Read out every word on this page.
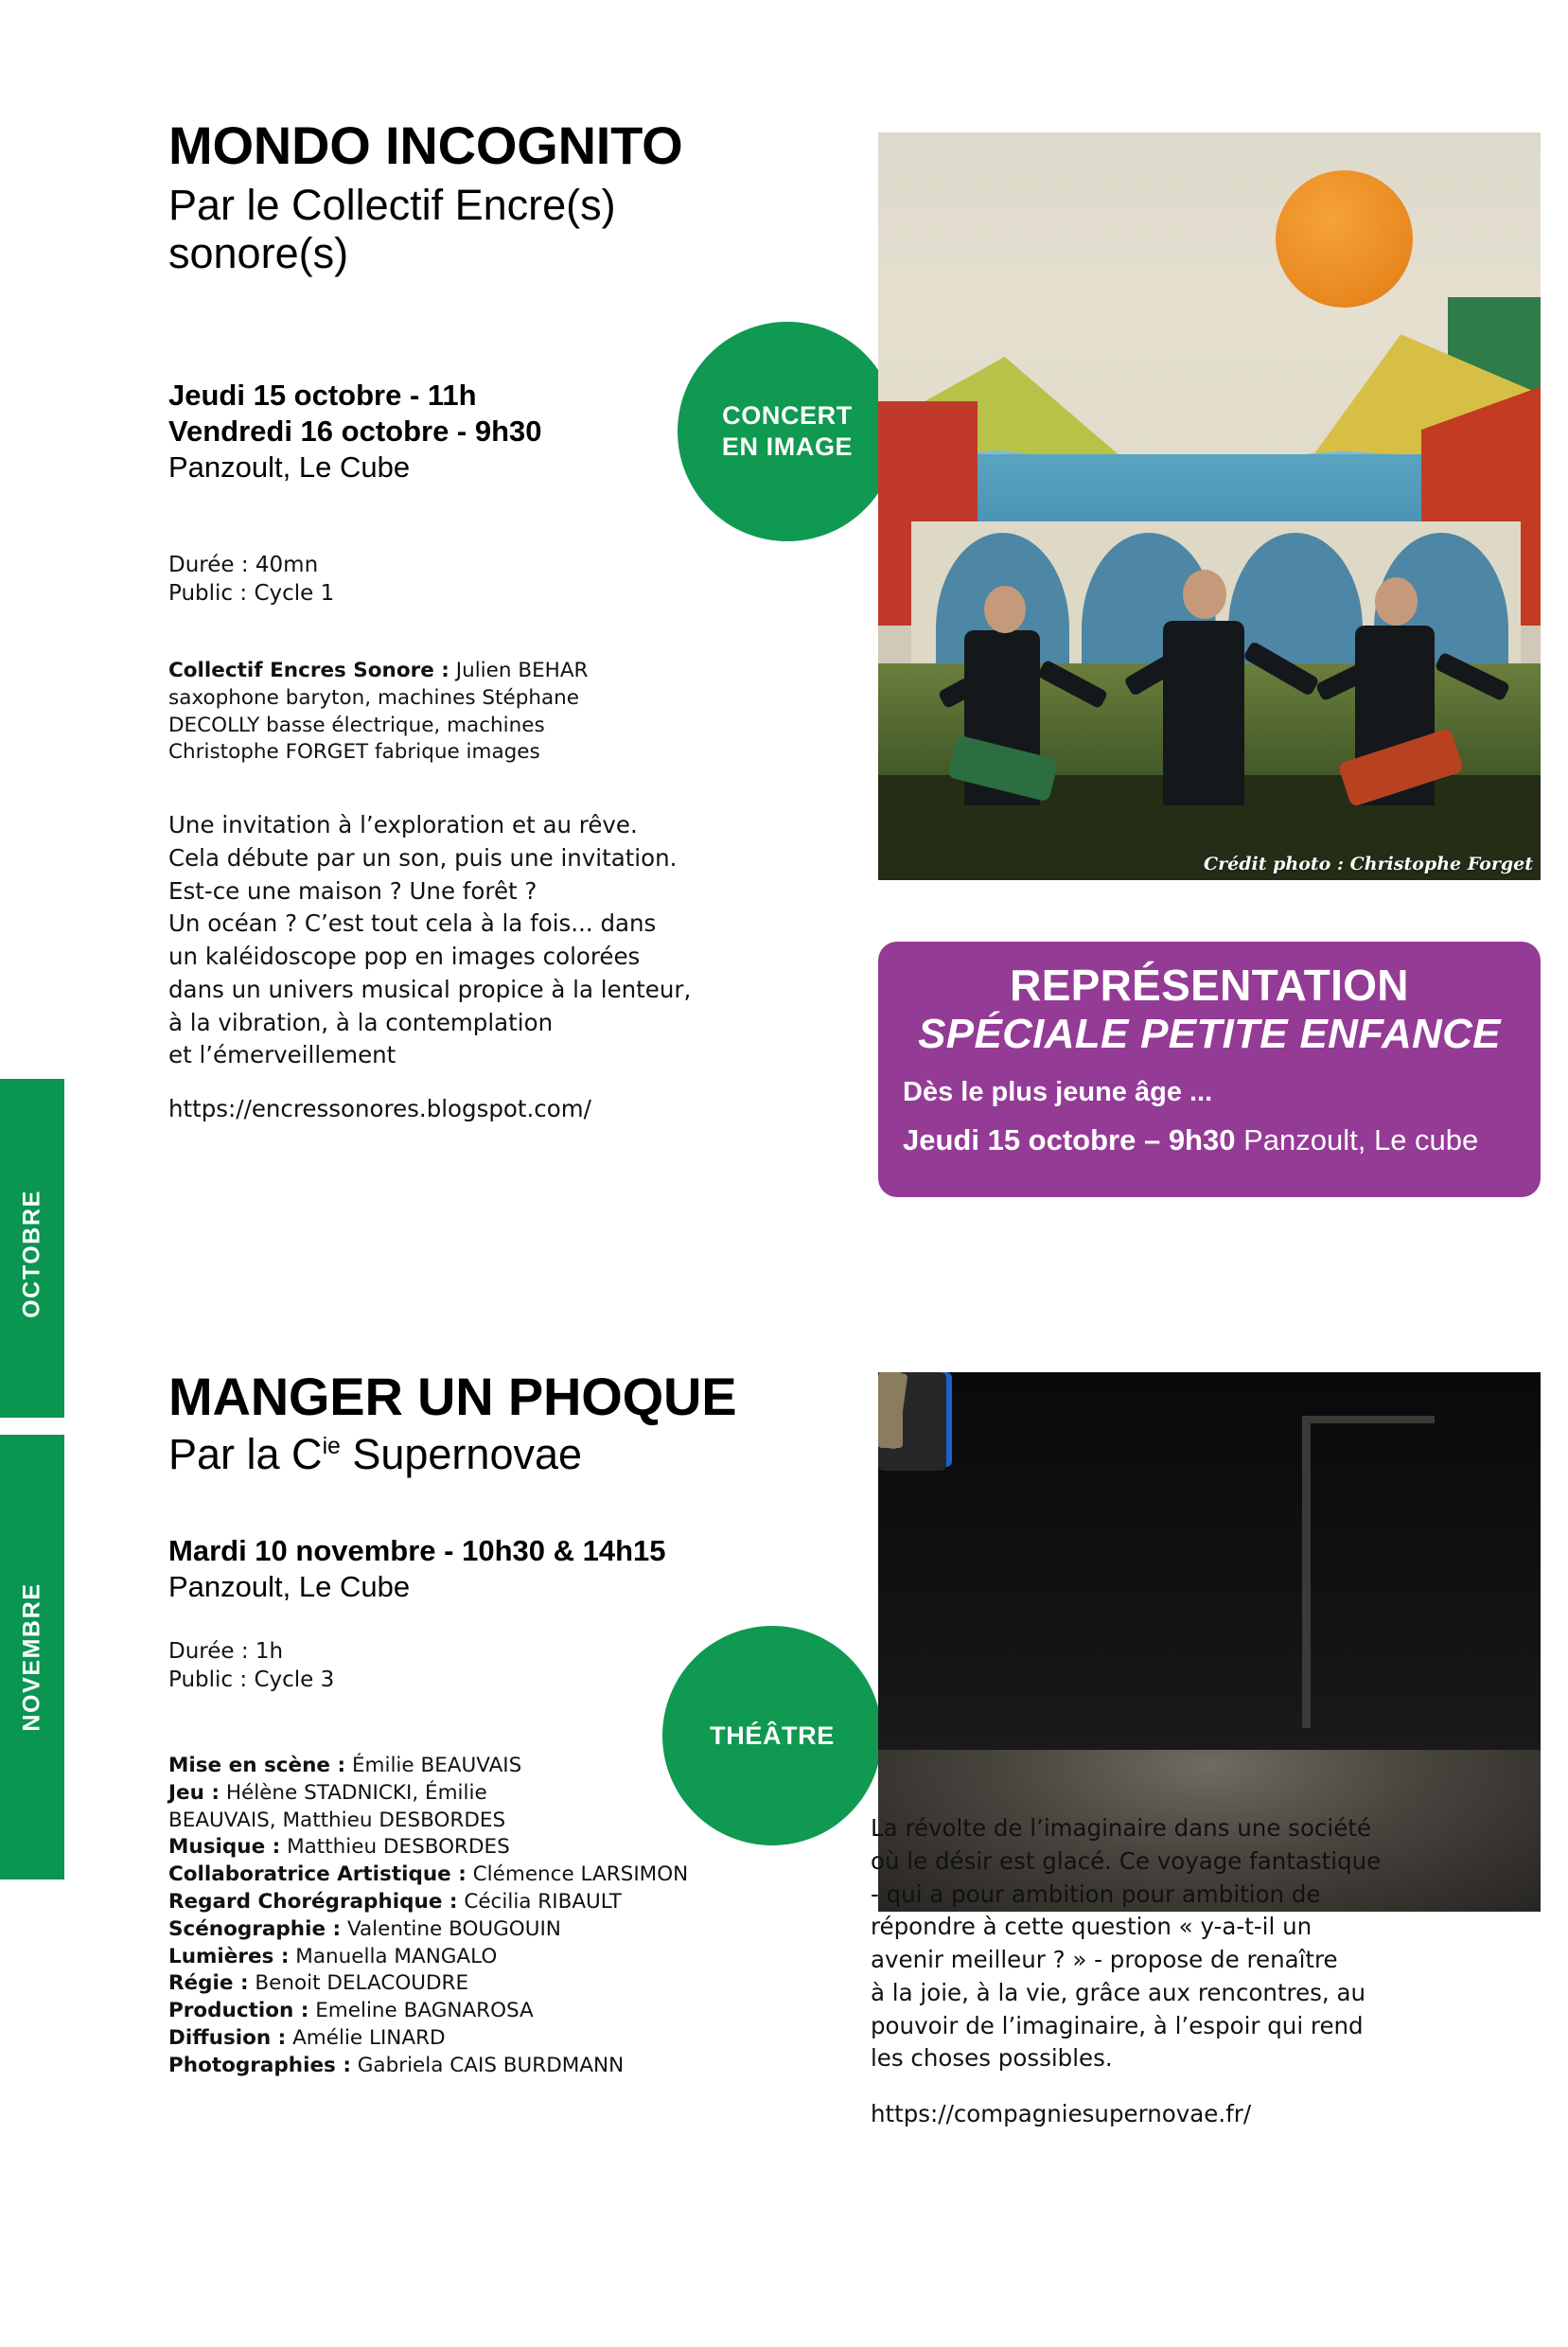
OCTOBRE
NOVEMBRE
MONDO INCOGNITO
Par le Collectif Encre(s)
sonore(s)
Jeudi 15 octobre - 11h
Vendredi 16 octobre - 9h30
Panzoult, Le Cube
Durée : 40mn
Public : Cycle 1
Collectif Encres Sonore : Julien BEHAR
saxophone baryton, machines Stéphane
DECOLLY basse électrique, machines
Christophe FORGET fabrique images
Une invitation à l’exploration et au rêve.
Cela débute par un son, puis une invitation.
Est-ce une maison ? Une forêt ?
Un océan ? C’est tout cela à la fois... dans
un kaléidoscope pop en images colorées
dans un univers musical propice à la lenteur,
à la vibration, à la contemplation
et l’émerveillement
https://encressonores.blogspot.com/
CONCERT
EN IMAGE
Crédit photo : Christophe Forget
REPRÉSENTATION
SPÉCIALE PETITE ENFANCE
Dès le plus jeune âge ...
Jeudi 15 octobre – 9h30 Panzoult, Le cube
MANGER UN PHOQUE
Par la $C^{ie}$ Supernovae
Mardi 10 novembre - 10h30 & 14h15
Panzoult, Le Cube
Durée : 1h
Public : Cycle 3
Mise en scène : Émilie BEAUVAIS
Jeu : Hélène STADNICKI, Émilie
BEAUVAIS, Matthieu DESBORDES
Musique : Matthieu DESBORDES
Collaboratrice Artistique : Clémence LARSIMON
Regard Chorégraphique : Cécilia RIBAULT
Scénographie : Valentine BOUGOUIN
Lumières : Manuella MANGALO
Régie : Benoit DELACOUDRE
Production : Emeline BAGNAROSA
Diffusion : Amélie LINARD
Photographies : Gabriela CAIS BURDMANN
THÉÂTRE
La révolte de l’imaginaire dans une société
où le désir est glacé. Ce voyage fantastique
- qui a pour ambition pour ambition de
répondre à cette question « y-a-t-il un
avenir meilleur ? » - propose de renaître
à la joie, à la vie, grâce aux rencontres, au
pouvoir de l’imaginaire, à l’espoir qui rend
les choses possibles.
https://compagniesupernovae.fr/
